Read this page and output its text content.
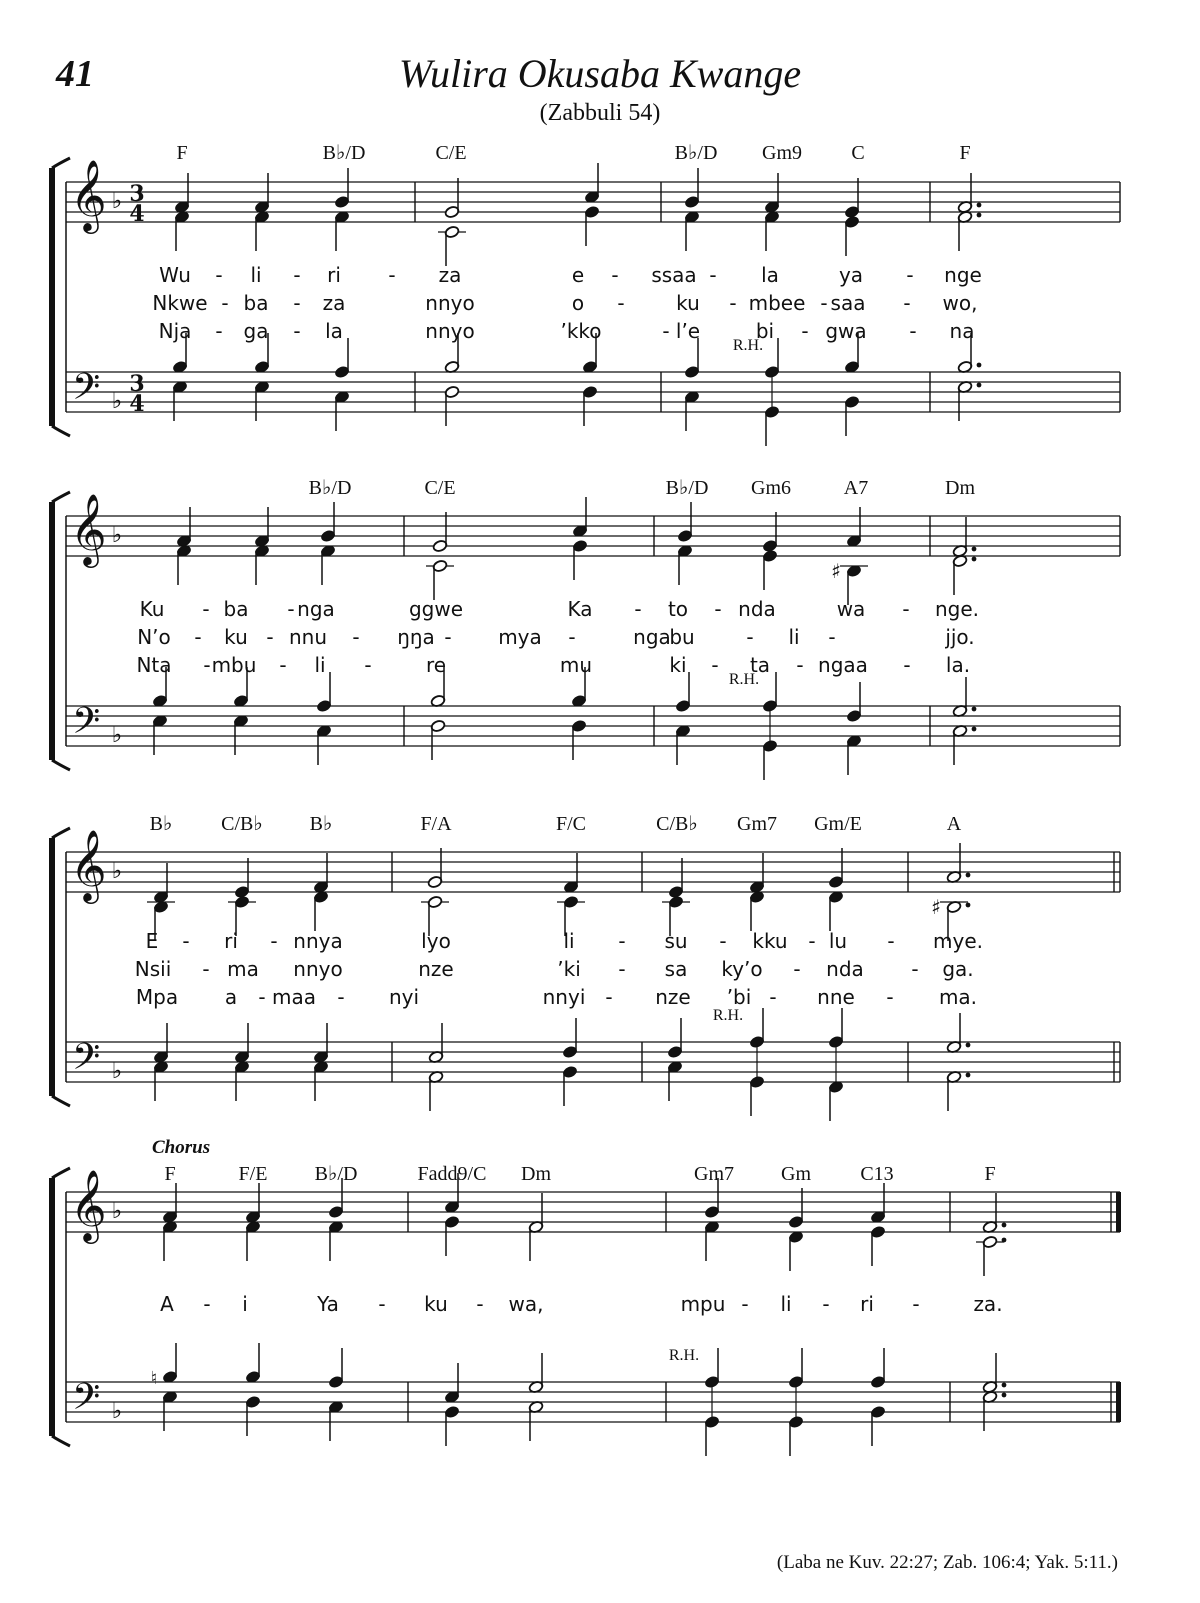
41	Wulira Okusaba Kwange
(Zabbuli 54)
𝄞
𝄢
♭
♭
3
4
3
4
F	B♭/D	C/E	B♭/D Gm9 C	F
Wu - li - ri - za	e - ssaa - la	ya - nge
Nkwe - ba - za	nnyo	o -	ku - mbee - saa - wo,
Nja - ga - la	nnyo	’kko	- l’e	bi - gwa - na
R.H.
𝄞
𝄢
♭
♭
B♭/D	C/E	B♭/D Gm6	A7	Dm
Ku - ba - nga	ggwe	Ka - to - nda	wa - nge.
N’o - ku - nnu - ŋŋa - mya -	nga
bu	- li -	jjo.
Nta - mbu - li -	re	mu	ki - ta - ngaa - la.
R.H.
♯
𝄞
𝄢
♭
♭
B♭ C/B♭ B♭	F/A	F/C	C/B♭ Gm7 Gm/E	A
E - ri - nnya	lyo	li - su - kku - lu - mye.
Nsii - ma nnyo	nze	’ki - sa ky’o - nda - ga.
Mpa a - maa - nyi	nnyi - nze ’bi - nne - ma.
R.H.
♯
𝄞
𝄢
♭
♭
F	F/E B♭/D	Fadd9/C Dm	Gm7 Gm C13	F
Chorus
A - i	Ya - ku - wa,	mpu - li - ri -	za.
R.H.
♮
(Laba ne Kuv. 22:27; Zab. 106:4; Yak. 5:11.)
